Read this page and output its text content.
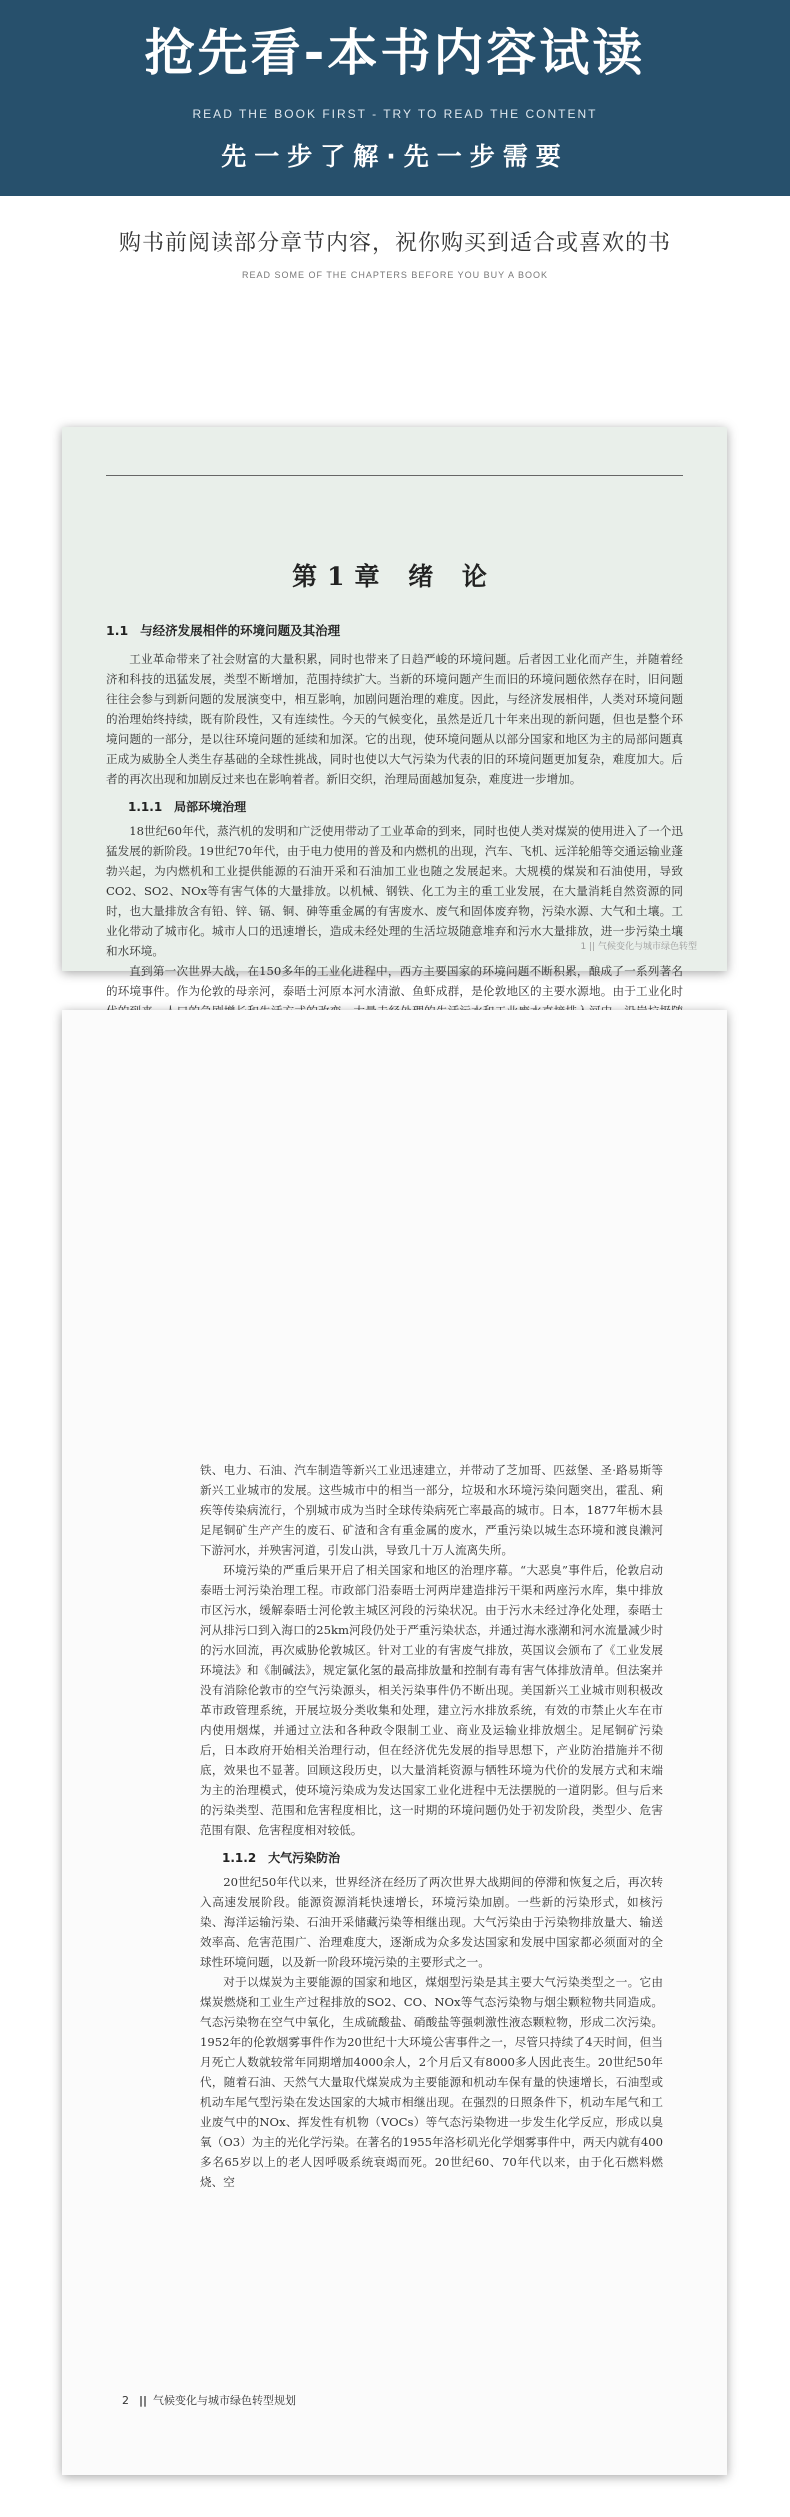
抢先看-本书内容试读
READ THE BOOK FIRST - TRY TO READ THE CONTENT
先一步了解·先一步需要
购书前阅读部分章节内容，祝你购买到适合或喜欢的书
READ SOME OF THE CHAPTERS BEFORE YOU BUY A BOOK
第1章 绪 论
1.1 与经济发展相伴的环境问题及其治理

工业革命带来了社会财富的大量积累，同时也带来了日趋严峻的环境问题。后者因工业化而产生，并随着经济和科技的迅猛发展，类型不断增加，范围持续扩大。当新的环境问题产生而旧的环境问题依然存在时，旧问题往往会参与到新问题的发展演变中，相互影响，加剧问题治理的难度。因此，与经济发展相伴，人类对环境问题的治理始终持续，既有阶段性，又有连续性。今天的气候变化，虽然是近几十年来出现的新问题，但也是整个环境问题的一部分，是以往环境问题的延续和加深。它的出现，使环境问题从以部分国家和地区为主的局部问题真正成为威胁全人类生存基础的全球性挑战，同时也使以大气污染为代表的旧的环境问题更加复杂，难度加大。后者的再次出现和加剧反过来也在影响着者。新旧交织，治理局面越加复杂，难度进一步增加。

1.1.1 局部环境治理

18世纪60年代，蒸汽机的发明和广泛使用带动了工业革命的到来，同时也使人类对煤炭的使用进入了一个迅猛发展的新阶段。19世纪70年代，由于电力使用的普及和内燃机的出现，汽车、飞机、远洋轮船等交通运输业蓬勃兴起，为内燃机和工业提供能源的石油开采和石油加工业也随之发展起来。大规模的煤炭和石油使用，导致CO2、SO2、NOx等有害气体的大量排放。以机械、钢铁、化工为主的重工业发展，在大量消耗自然资源的同时，也大量排放含有铅、锌、镉、铜、砷等重金属的有害废水、废气和固体废弃物，污染水源、大气和土壤。工业化带动了城市化。城市人口的迅速增长，造成未经处理的生活垃圾随意堆弃和污水大量排放，进一步污染土壤和水环境。

直到第一次世界大战，在150多年的工业化进程中，西方主要国家的环境问题不断积累，酿成了一系列著名的环境事件。作为伦敦的母亲河，泰晤士河原本河水清澈、鱼虾成群，是伦敦地区的主要水源地。由于工业化时

1 || 气候变化与城市绿色转型

铁、电力、石油、汽车制造等新兴工业迅速建立，并带动了芝加哥、匹兹堡、圣·路易斯等新兴工业城市的发展。这些城市中的相当一部分，垃圾和水环境污染问题突出，霍乱、痢疾等传染病流行，个别城市成为当时全球传染病死亡率最高的城市。日本，1877年栃木县足尾铜矿生产产生的废石、矿渣和含有重金属的废水，严重污染以城生态环境和渡良濑河下游河水，并殃害河道，引发山洪，导致几十万人流离失所。

环境污染的严重后果开启了相关国家和地区的治理序幕。“大恶臭”事件后，伦敦启动泰晤士河污染治理工程。市政部门沿泰晤士河两岸建造排污干渠和两座污水库，集中排放市区污水，缓解泰晤士河伦敦主城区河段的污染状况。由于污水未经过净化处理，泰晤士河从排污口到入海口的25km河段仍处于严重污染状态，并通过海水涨潮和河水流量减少时的污水回流，再次威胁伦敦城区。针对工业的有害废气排放，英国议会颁布了《工业发展环境法》和《制碱法》，规定氯化氢的最高排放量和控制有毒有害气体排放清单。但法案并没有消除伦敦市的空气污染源头，相关污染事件仍不断出现。美国新兴工业城市则积极改革市政管理系统，开展垃圾分类收集和处理，建立污水排放系统，有效的市禁止火车在市内使用烟煤，并通过立法和各种政令限制工业、商业及运输业排放烟尘。足尾铜矿污染后，日本政府开始相关治理行动，但在经济优先发展的指导思想下，产业防治措施并不彻底，效果也不显著。回顾这段历史，以大量消耗资源与牺牲环境为代价的发展方式和末端为主的治理模式，使环境污染成为发达国家工业化进程中无法摆脱的一道阴影。但与后来的污染类型、范围和危害程度相比，这一时期的环境问题仍处于初发阶段，类型少、危害范围有限、危害程度相对较低。

1.1.2 大气污染防治

20世纪50年代以来，世界经济在经历了两次世界大战期间的停滞和恢复之后，再次转入高速发展阶段。能源资源消耗快速增长，环境污染加剧。一些新的污染形式，如核污染、海洋运输污染、石油开采储藏污染等相继出现。大气污染由于污染物排放量大、输送效率高、危害范围广、治理难度大，逐渐成为众多发达国家和发展中国家都必须面对的全球性环境问题，以及新一阶段环境污染的主要形式之一。

对于以煤炭为主要能源的国家和地区，煤烟型污染是其主要大气污染类型之一。它由煤炭燃烧和工业生产过程排放的SO2、CO、NOx等气态污染物与烟尘颗粒物共同造成。气态污染物在空气中氧化，生成硫酸盐、硝酸盐等强刺激性液态颗粒物，形成二次污染。1952年的伦敦烟雾事件作为20世纪十大环境公害事件之一，尽管只持续了4天时间，但当月死亡人数就较常年同期增加4000余人，2个月后又有8000多人因此丧生。20世纪50年代，随着石油、天然气大量取代煤炭成为主要能源和机动车保有量的快速增长，石油型或机动车尾气型污染在发达国家的大城市相继出现。在强烈的日照条件下，机动车尾气和工业废气中的NOx、挥发性有机物（VOCs）等气态污染物进一步发生化学反应，形成以臭氧（O3）为主的光化学污染。在著名的1955年洛杉矶光化学烟雾事件中，两天内就有400多名65岁以上的老人因呼吸系统衰竭而死。20世纪60、70年代以来，由于化石燃料燃烧、空

2 || 气候变化与城市绿色转型规划
